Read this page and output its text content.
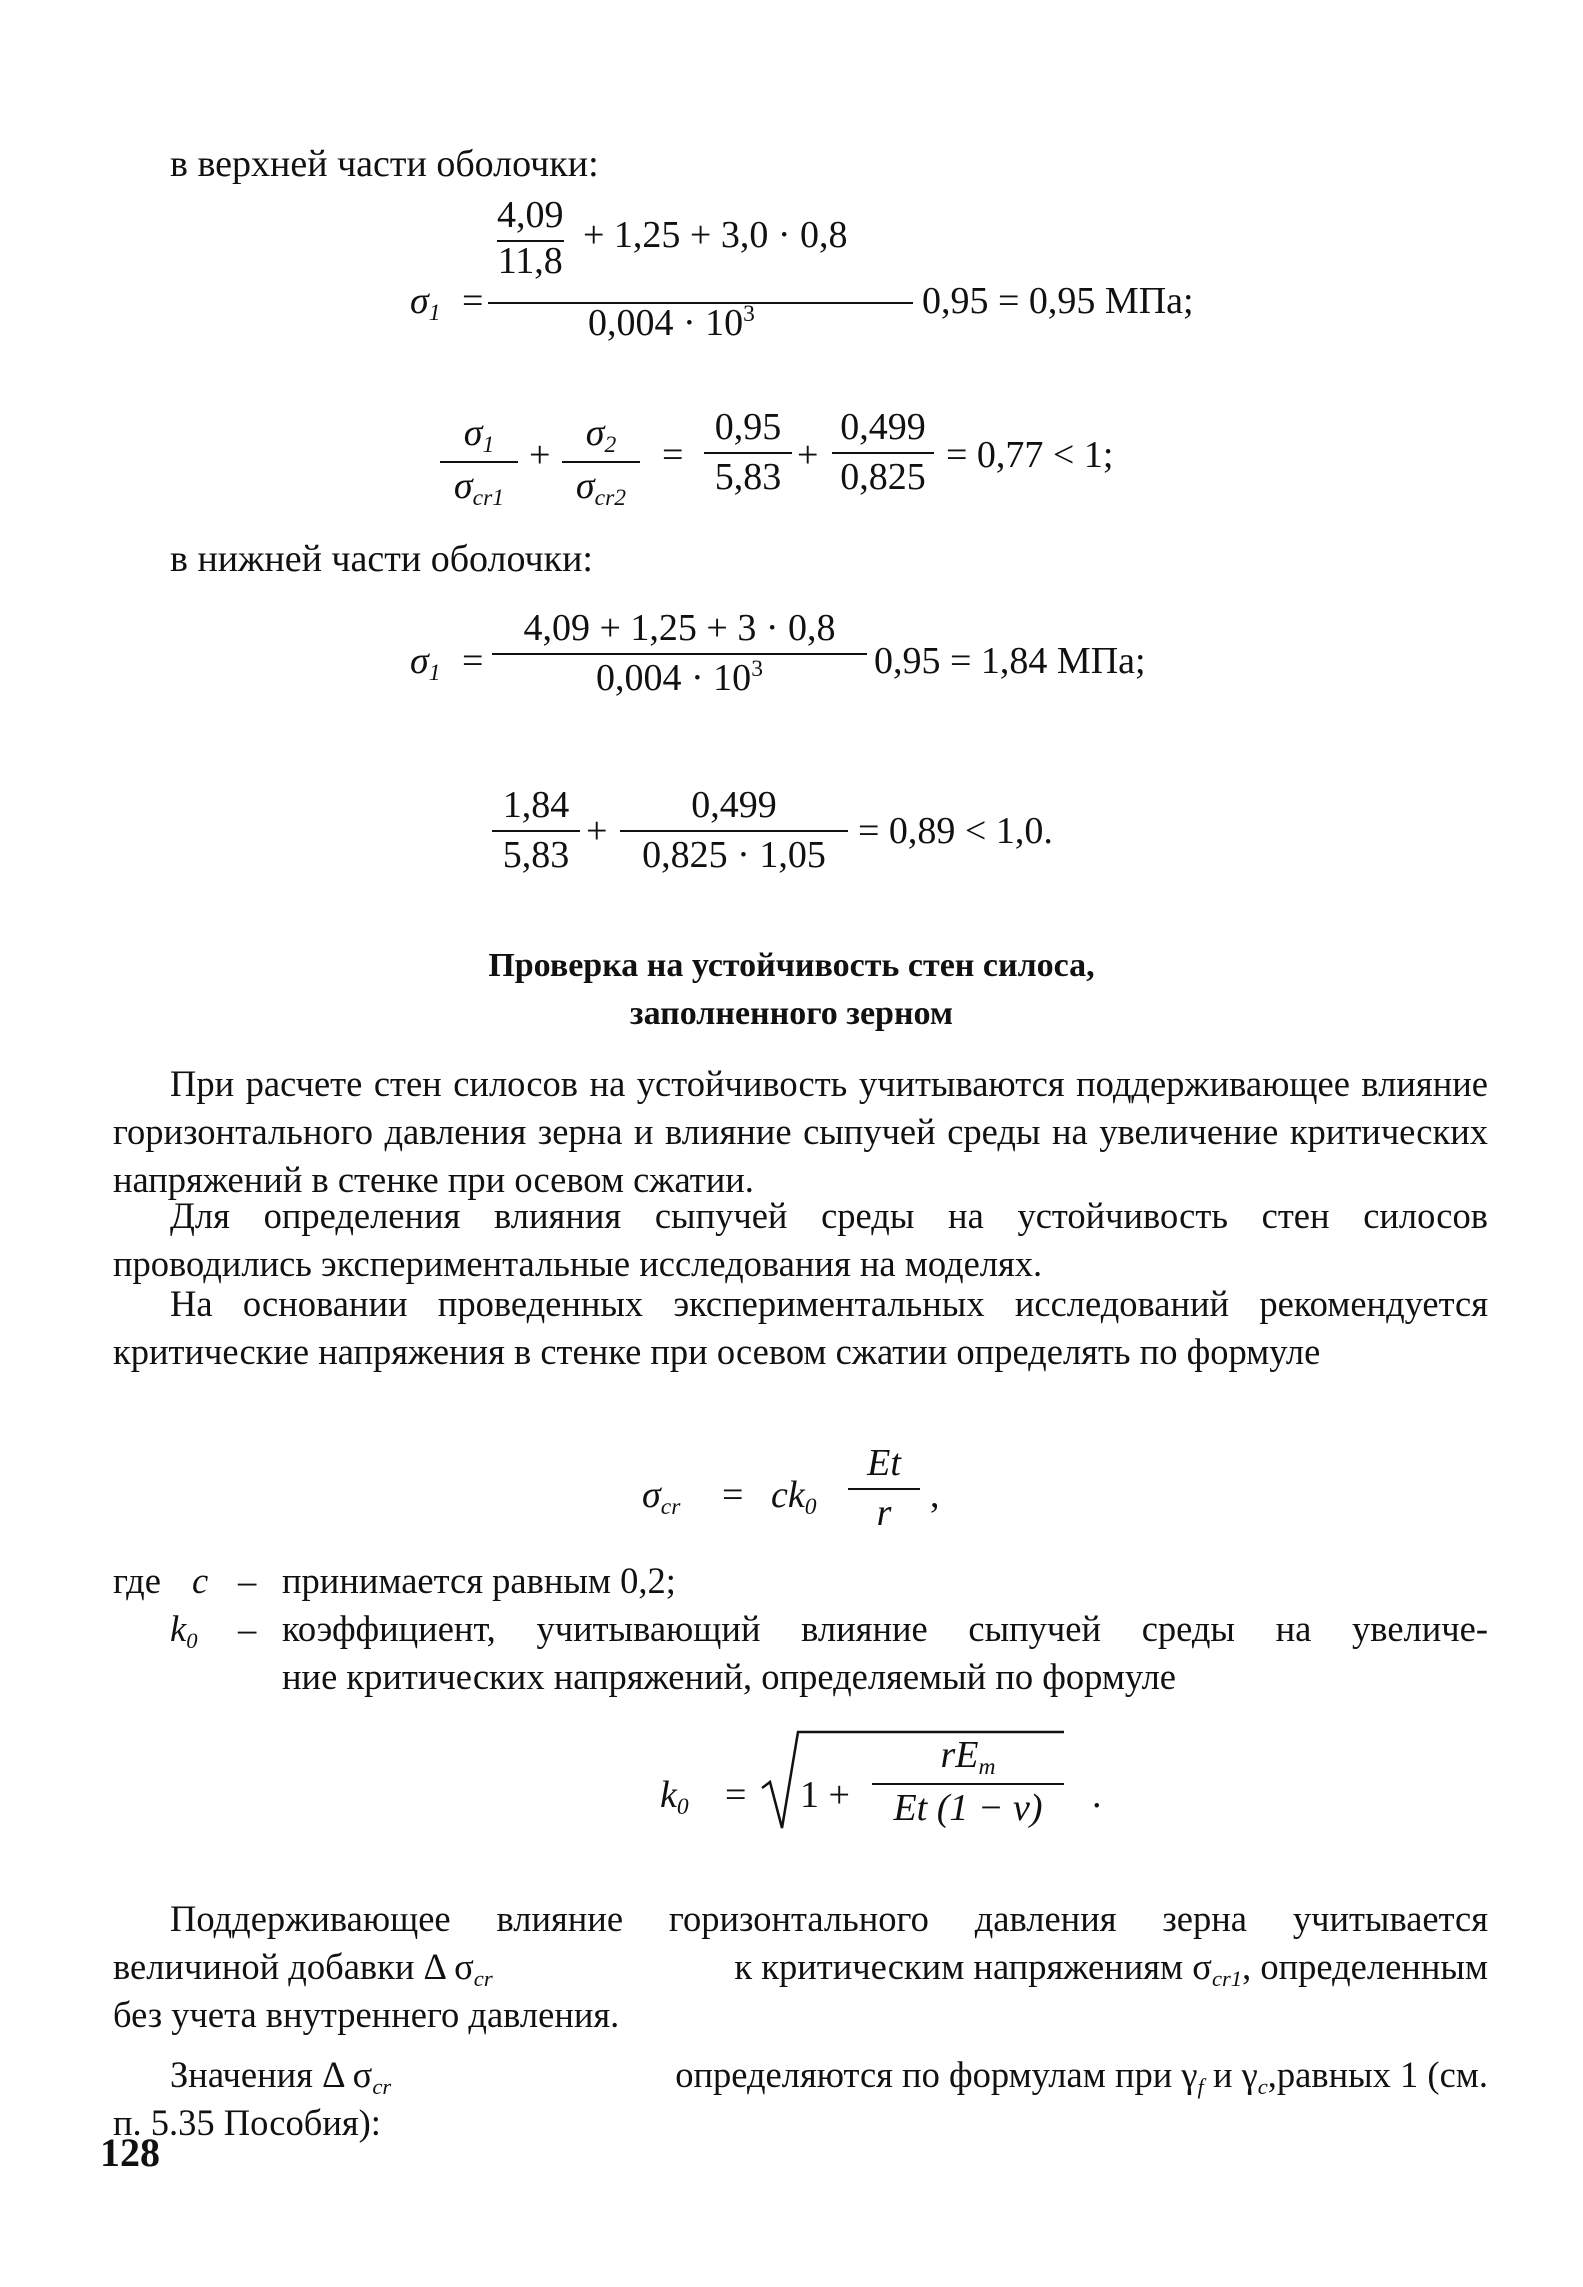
в верхней части оболочки:
$\sigma_1$ =
4,09
11,8
+ 1,25 + 3,0 · 0,8
$0,004 \cdot 10^3$	0,95 = 0,95 МПа;
$\sigma_1$
$\sigma_{cr1}$
+
$\sigma_2$
$\sigma_{cr2}$
=
0,95
5,83
+
0,499
0,825
= 0,77 < 1;
в нижней части оболочки:
$\sigma_1$ =
4,09 + 1,25 + 3 · 0,8
$0,004 \cdot 10^3$	0,95 = 1,84 МПа;
1,84
5,83
+
0,499
0,825 · 1,05
= 0,89 < 1,0.
Проверка на устойчивость стен силоса,
заполненного зерном
При расчете стен силосов на устойчивость учитываются поддерживающее влияние горизонтального давления зерна и влияние сыпучей среды на увеличение критических напряжений в стенке при осевом сжатии.
Для определения влияния сыпучей среды на устойчивость стен силосов проводились экспериментальные исследования на моделях.
На основании проведенных экспериментальных исследований рекомендуется критические напряжения в стенке при осевом сжатии определять по формуле
$\sigma_{cr} = ck_0$
Et
r ,
где c – принимается равным 0,2;
$k_0$ – коэффициент, учитывающий влияние сыпучей среды на увеличе-
ние критических напряжений, определяемый по формуле
$k_0 = 1$ +
$rE_m$
Et (1 − ν) .
Поддерживающее влияние горизонтального давления зерна учитывается
величиной добавки Δ $\sigma_{cr}$	к критическим напряжениям $\sigma_{cr1}$, определенным
без учета внутреннего давления.
Значения Δ $\sigma_{cr}$	определяются по формулам при $\gamma_f$ и $\gamma_c,равных$ 1 (см.
п. 5.35 Пособия):
128
